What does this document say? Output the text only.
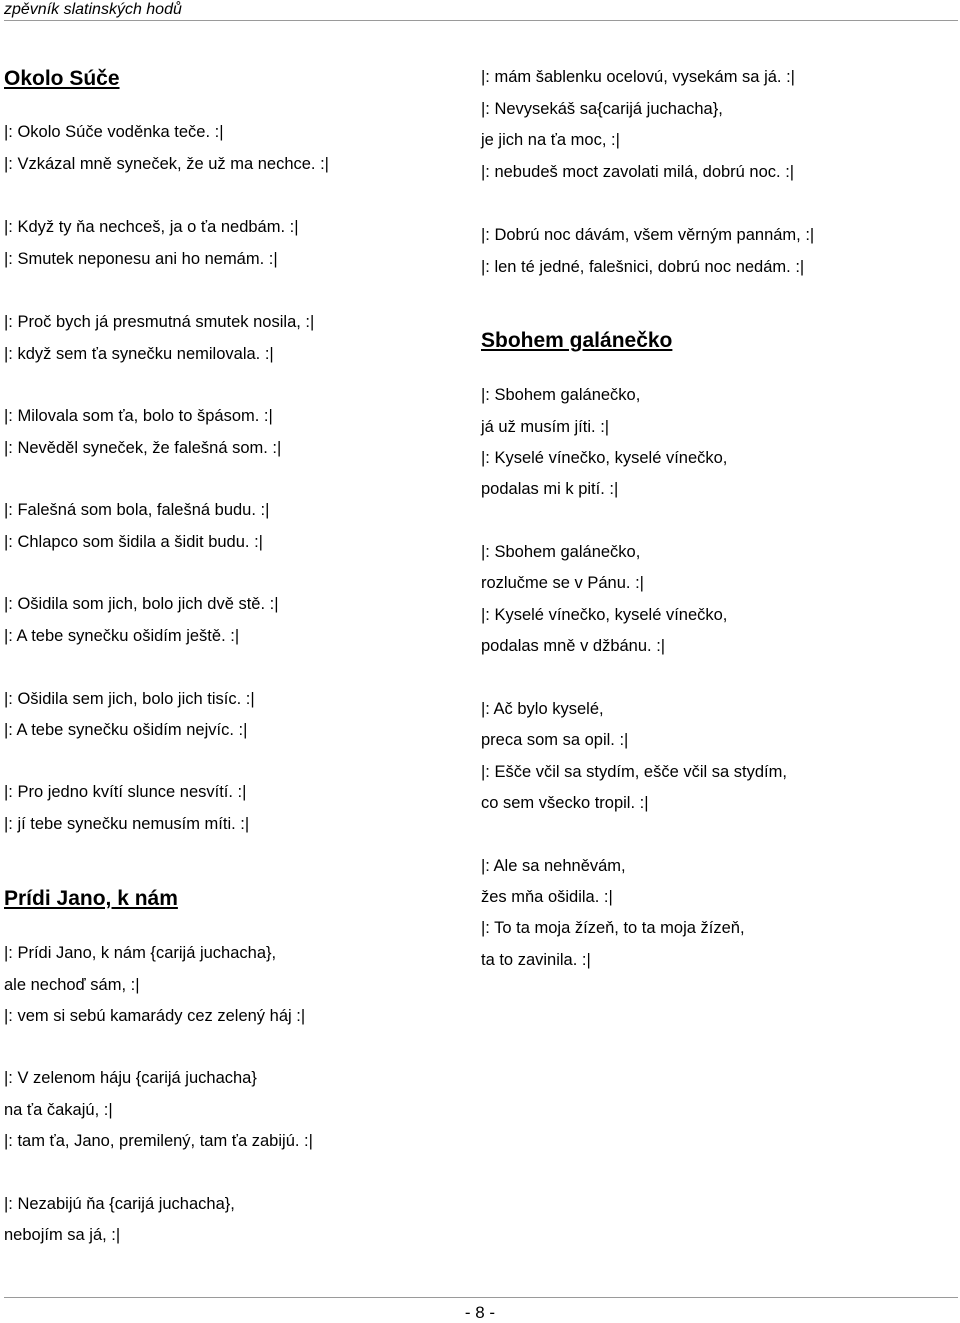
zpěvník slatinských hodů
Okolo Súče
|: Okolo Súče voděnka teče. :|
|: Vzkázal mně syneček, že už ma nechce. :|
|: Když ty ňa nechceš, ja o ťa nedbám. :|
|: Smutek neponesu ani ho nemám. :|
|: Proč bych já presmutná smutek nosila, :|
|: když sem ťa synečku nemilovala. :|
|: Milovala som ťa, bolo to špásom. :|
|: Nevěděl syneček, že falešná som. :|
|: Falešná som bola, falešná budu. :|
|: Chlapco som šidila a šidit budu. :|
|: Ošidila som jich, bolo jich dvě stě. :|
|: A tebe synečku ošidím ještě. :|
|: Ošidila sem jich, bolo jich tisíc. :|
|: A tebe synečku ošidím nejvíc. :|
|: Pro jedno kvítí slunce nesvítí. :|
|: jí tebe synečku nemusím míti. :|
Prídi Jano, k nám
|: Prídi Jano, k nám {carijá juchacha},
ale nechoď sám, :|
|: vem si sebú kamarády cez zelený háj :|
|: V zelenom háju {carijá juchacha}
na ťa čakajú, :|
|: tam ťa, Jano, premilený, tam ťa zabijú. :|
|: Nezabijú ňa {carijá juchacha},
nebojím sa já, :|
|: mám šablenku ocelovú, vysekám sa já. :|
|: Nevysekáš sa{carijá juchacha},
je jich na ťa moc, :|
|: nebudeš moct zavolati milá, dobrú noc. :|
|: Dobrú noc dávám, všem věrným pannám, :|
|: len té jedné, falešnici, dobrú noc nedám. :|
Sbohem galánečko
|: Sbohem galánečko,
já už musím jíti. :|
|: Kyselé vínečko, kyselé vínečko,
podalas mi k pití. :|
|: Sbohem galánečko,
rozlučme se v Pánu. :|
|: Kyselé vínečko, kyselé vínečko,
podalas mně v džbánu. :|
|: Ač bylo kyselé,
preca som sa opil. :|
|: Ešče včil sa stydím, ešče včil sa stydím,
co sem všecko tropil. :|
|: Ale sa nehněvám,
žes mňa ošidila. :|
|: To ta moja žízeň, to ta moja žízeň,
ta to zavinila. :|
- 8 -
